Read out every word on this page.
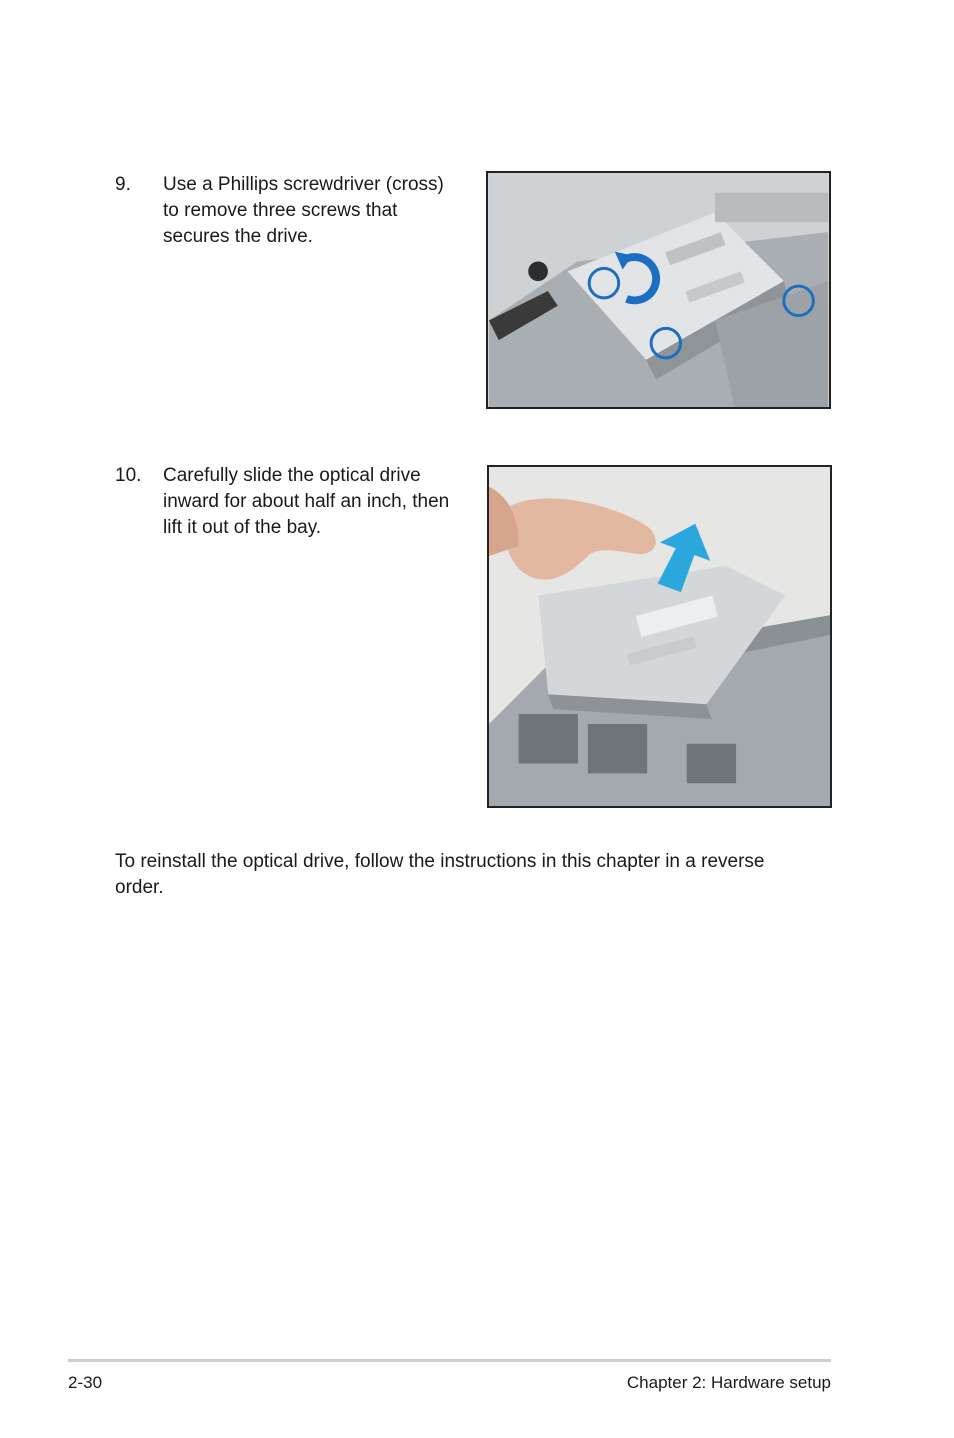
9. Use a Phillips screwdriver (cross)
to remove three screws that
secures the drive.
10. Carefully slide the optical drive
inward for about half an inch, then
lift it out of the bay.

To reinstall the optical drive, follow the instructions in this chapter in a reverse order.

2-30	Chapter 2: Hardware setup
